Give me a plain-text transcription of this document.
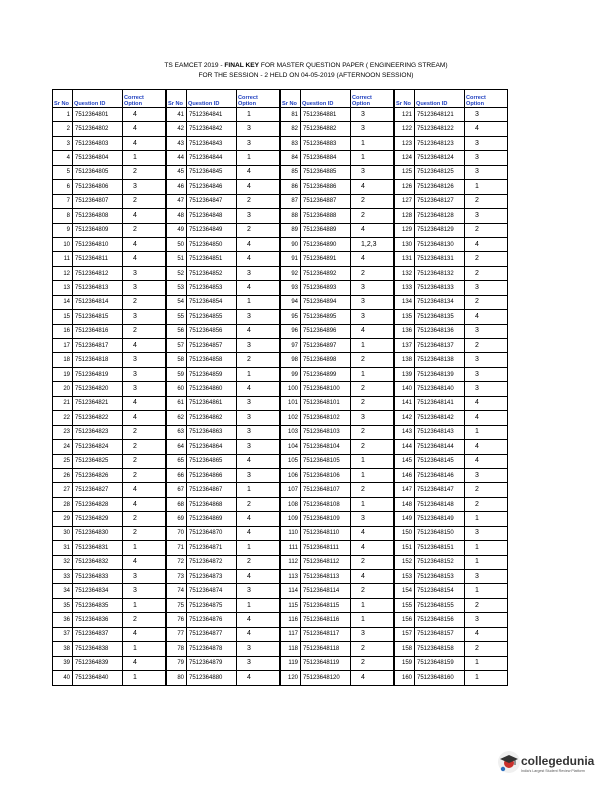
TS EAMCET 2019 - FINAL KEY FOR MASTER QUESTION PAPER ( ENGINEERING STREAM)
FOR THE SESSION - 2 HELD ON 04-05-2019 (AFTERNOON SESSION)
Sr No	Question ID	Correct
Option
1	7512364801	4
2	7512364802	4
3	7512364803	4
4	7512364804	1
5	7512364805	2
6	7512364806	3
7	7512364807	2
8	7512364808	4
9	7512364809	2
10	7512364810	4
11	7512364811	4
12	7512364812	3
13	7512364813	3
14	7512364814	2
15	7512364815	3
16	7512364816	2
17	7512364817	4
18	7512364818	3
19	7512364819	3
20	7512364820	3
21	7512364821	4
22	7512364822	4
23	7512364823	2
24	7512364824	2
25	7512364825	2
26	7512364826	2
27	7512364827	4
28	7512364828	4
29	7512364829	2
30	7512364830	2
31	7512364831	1
32	7512364832	4
33	7512364833	3
34	7512364834	3
35	7512364835	1
36	7512364836	2
37	7512364837	4
38	7512364838	1
39	7512364839	4
40	7512364840	1
Sr No	Question ID	Correct
Option
41	7512364841	1
42	7512364842	3
43	7512364843	3
44	7512364844	1
45	7512364845	4
46	7512364846	4
47	7512364847	2
48	7512364848	3
49	7512364849	2
50	7512364850	4
51	7512364851	4
52	7512364852	3
53	7512364853	4
54	7512364854	1
55	7512364855	3
56	7512364856	4
57	7512364857	3
58	7512364858	2
59	7512364859	1
60	7512364860	4
61	7512364861	3
62	7512364862	3
63	7512364863	3
64	7512364864	3
65	7512364865	4
66	7512364866	3
67	7512364867	1
68	7512364868	2
69	7512364869	4
70	7512364870	4
71	7512364871	1
72	7512364872	2
73	7512364873	4
74	7512364874	3
75	7512364875	1
76	7512364876	4
77	7512364877	4
78	7512364878	3
79	7512364879	3
80	7512364880	4
Sr No	Question ID	Correct
Option
81	7512364881	3
82	7512364882	3
83	7512364883	1
84	7512364884	1
85	7512364885	3
86	7512364886	4
87	7512364887	2
88	7512364888	2
89	7512364889	4
90	7512364890	1,2,3
91	7512364891	4
92	7512364892	2
93	7512364893	3
94	7512364894	3
95	7512364895	3
96	7512364896	4
97	7512364897	1
98	7512364898	2
99	7512364899	1
100	75123648100	2
101	75123648101	2
102	75123648102	3
103	75123648103	2
104	75123648104	2
105	75123648105	1
106	75123648106	1
107	75123648107	2
108	75123648108	1
109	75123648109	3
110	75123648110	4
111	75123648111	4
112	75123648112	2
113	75123648113	4
114	75123648114	2
115	75123648115	1
116	75123648116	1
117	75123648117	3
118	75123648118	2
119	75123648119	2
120	75123648120	4
Sr No	Question ID	Correct
Option
121	75123648121	3
122	75123648122	4
123	75123648123	3
124	75123648124	3
125	75123648125	3
126	75123648126	1
127	75123648127	2
128	75123648128	3
129	75123648129	2
130	75123648130	4
131	75123648131	2
132	75123648132	2
133	75123648133	3
134	75123648134	2
135	75123648135	4
136	75123648136	3
137	75123648137	2
138	75123648138	3
139	75123648139	3
140	75123648140	3
141	75123648141	4
142	75123648142	4
143	75123648143	1
144	75123648144	4
145	75123648145	4
146	75123648146	3
147	75123648147	2
148	75123648148	2
149	75123648149	1
150	75123648150	3
151	75123648151	1
152	75123648152	1
153	75123648153	3
154	75123648154	1
155	75123648155	2
156	75123648156	3
157	75123648157	4
158	75123648158	2
159	75123648159	1
160	75123648160	1
collegedunia
India's Largest Student Review Platform
